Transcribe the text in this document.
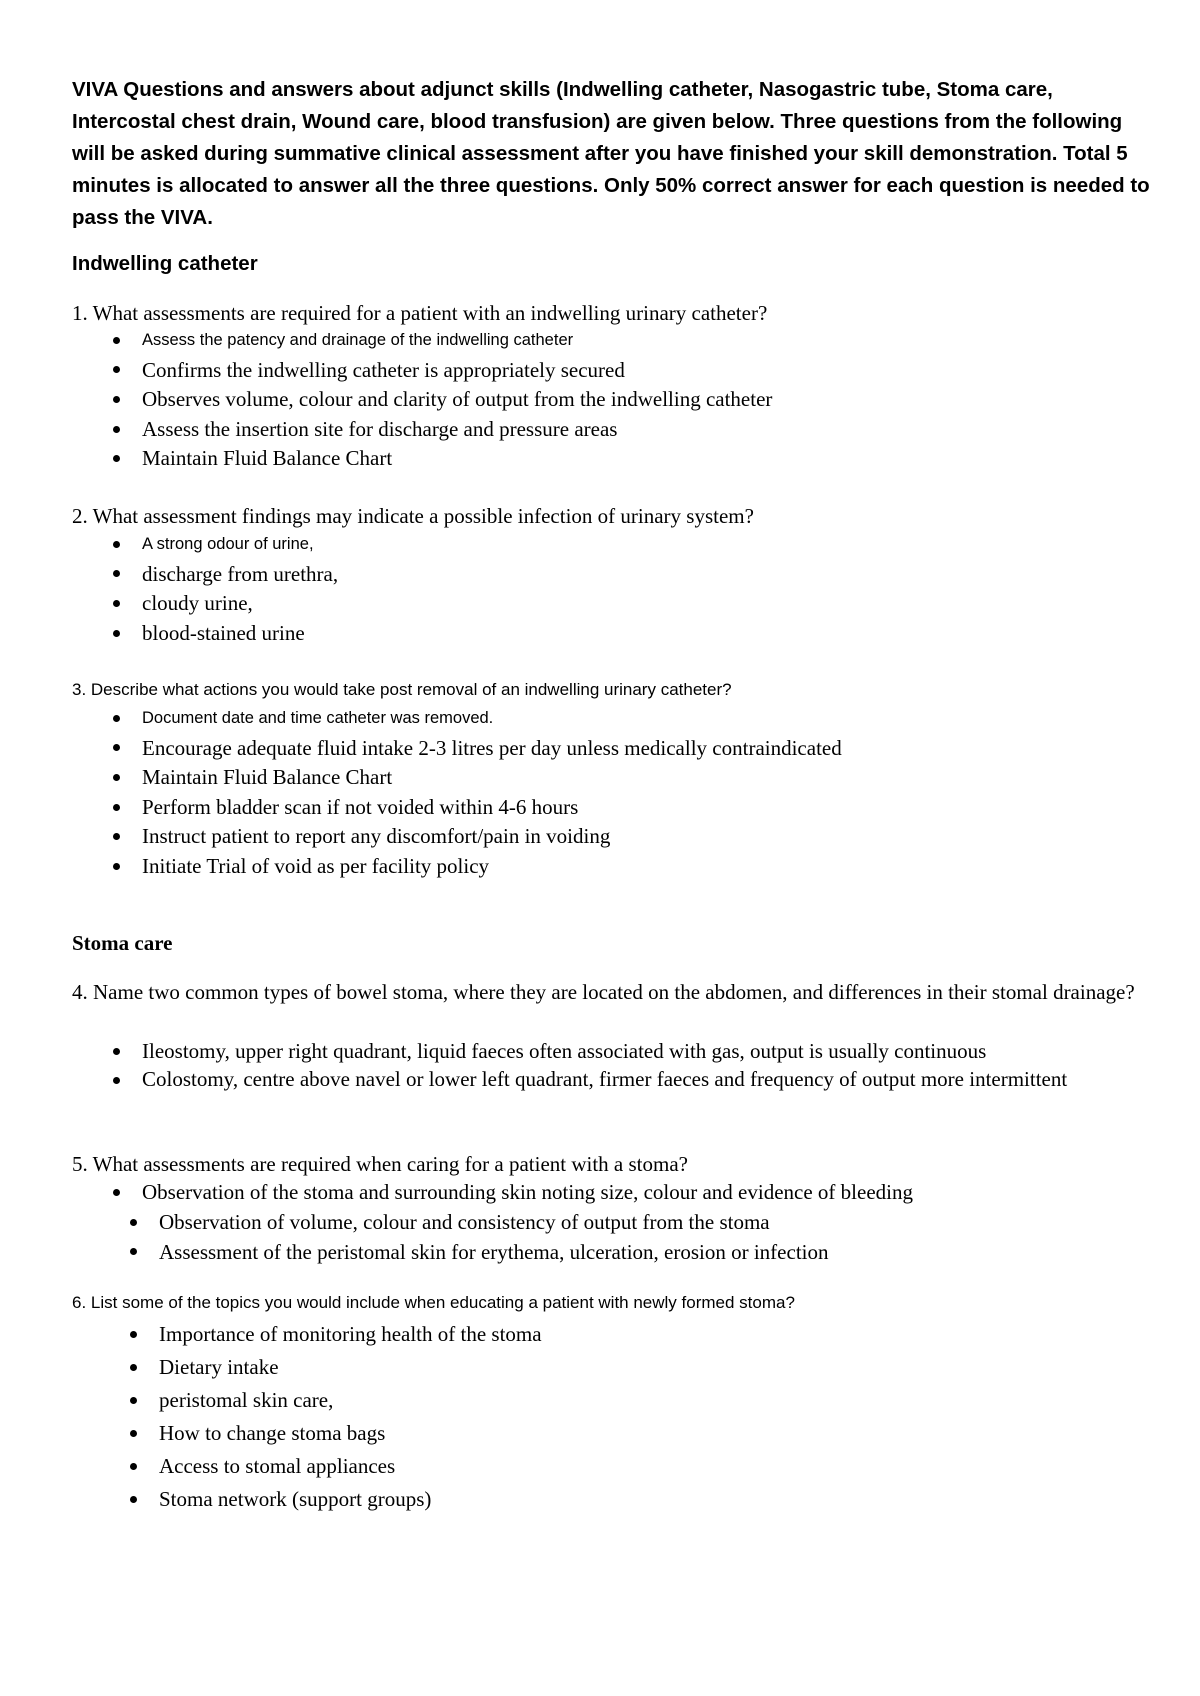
VIVA Questions and answers about adjunct skills (Indwelling catheter, Nasogastric tube, Stoma care, Intercostal chest drain, Wound care, blood transfusion) are given below. Three questions from the following will be asked during summative clinical assessment after you have finished your skill demonstration. Total 5 minutes is allocated to answer all the three questions. Only 50% correct answer for each question is needed to pass the VIVA.

Indwelling catheter

1. What assessments are required for a patient with an indwelling urinary catheter?

Assess the patency and drainage of the indwelling catheter
Confirms the indwelling catheter is appropriately secured
Observes volume, colour and clarity of output from the indwelling catheter
Assess the insertion site for discharge and pressure areas
Maintain Fluid Balance Chart

2. What assessment findings may indicate a possible infection of urinary system?

A strong odour of urine,
discharge from urethra,
cloudy urine,
blood-stained urine

3. Describe what actions you would take post removal of an indwelling urinary catheter?

Document date and time catheter was removed.
Encourage adequate fluid intake 2-3 litres per day unless medically contraindicated
Maintain Fluid Balance Chart
Perform bladder scan if not voided within 4-6 hours
Instruct patient to report any discomfort/pain in voiding
Initiate Trial of void as per facility policy
Stoma care

4. Name two common types of bowel stoma, where they are located on the abdomen, and differences in their stomal drainage?

Ileostomy, upper right quadrant, liquid faeces often associated with gas, output is usually continuous
Colostomy, centre above navel or lower left quadrant, firmer faeces and frequency of output more intermittent

5. What assessments are required when caring for a patient with a stoma?

Observation of the stoma and surrounding skin noting size, colour and evidence of bleeding
Observation of volume, colour and consistency of output from the stoma
Assessment of the peristomal skin for erythema, ulceration, erosion or infection

6. List some of the topics you would include when educating a patient with newly formed stoma?

Importance of monitoring health of the stoma
Dietary intake
peristomal skin care,
How to change stoma bags
Access to stomal appliances
Stoma network (support groups)
